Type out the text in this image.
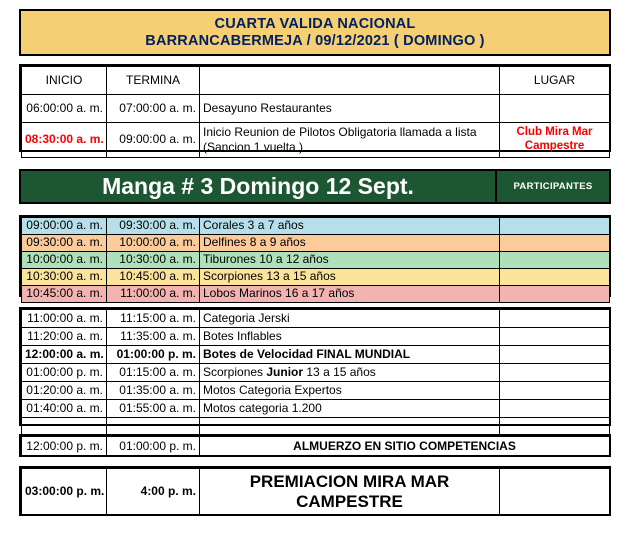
CUARTA VALIDA NACIONAL
BARRANCABERMEJA / 09/12/2021 ( DOMINGO )
INICIO	TERMINA		LUGAR
06:00:00 a. m.	07:00:00 a. m.	Desayuno Restaurantes	
08:30:00 a. m.	09:00:00 a. m.	Inicio Reunion de Pilotos Obligatoria llamada a lista (Sancion 1 vuelta )	Club Mira Mar Campestre
Manga # 3 Domingo 12 Sept.	PARTICIPANTES
09:00:00 a. m.	09:30:00 a. m.	Corales 3 a 7 años	
09:30:00 a. m.	10:00:00 a. m.	Delfines 8 a 9 años	
10:00:00 a. m.	10:30:00 a. m.	Tiburones 10 a 12 años	
10:30:00 a. m.	10:45:00 a. m.	Scorpiones 13 a 15 años	
10:45:00 a. m.	11:00:00 a. m.	Lobos Marinos 16 a 17 años	
11:00:00 a. m.	11:15:00 a. m.	Categoria Jerski	
11:20:00 a. m.	11:35:00 a. m.	Botes Inflables	
12:00:00 a. m.	01:00:00 p. m.	Botes de Velocidad FINAL MUNDIAL	
01:00:00 p. m.	01:15:00 a. m.	Scorpiones Junior 13 a 15 años	
01:20:00 a. m.	01:35:00 a. m.	Motos Categoria Expertos	
01:40:00 a. m.	01:55:00 a. m.	Motos categoria 1.200	

12:00:00 p. m.	01:00:00 p. m.	ALMUERZO EN SITIO COMPETENCIAS
03:00:00 p. m.	4:00 p. m.	PREMIACION MIRA MAR
CAMPESTRE	
